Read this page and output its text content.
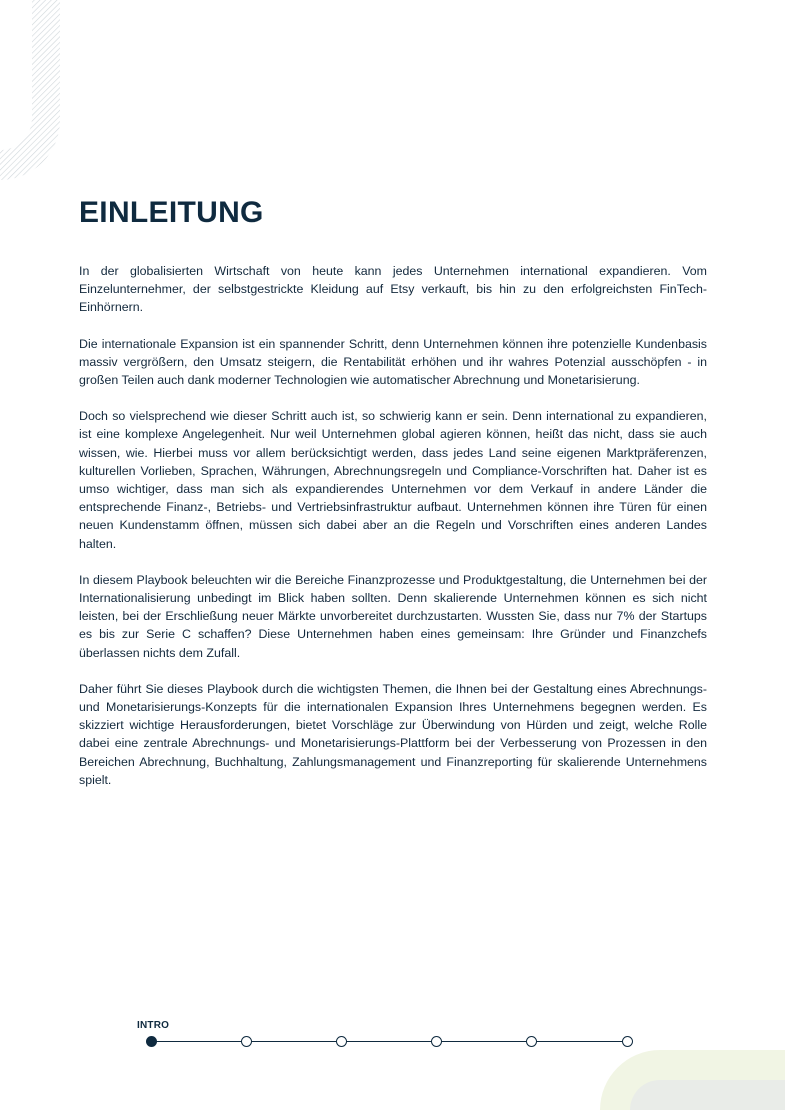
EINLEITUNG

In der globalisierten Wirtschaft von heute kann jedes Unternehmen international expandieren. Vom Einzelunternehmer, der selbstgestrickte Kleidung auf Etsy verkauft, bis hin zu den erfolgreichsten FinTech-Einhörnern.

Die internationale Expansion ist ein spannender Schritt, denn Unternehmen können ihre potenzielle Kundenbasis massiv vergrößern, den Umsatz steigern, die Rentabilität erhöhen und ihr wahres Potenzial ausschöpfen - in großen Teilen auch dank moderner Technologien wie automatischer Abrechnung und Monetarisierung.

Doch so vielsprechend wie dieser Schritt auch ist, so schwierig kann er sein. Denn international zu expandieren, ist eine komplexe Angelegenheit. Nur weil Unternehmen global agieren können, heißt das nicht, dass sie auch wissen, wie. Hierbei muss vor allem berücksichtigt werden, dass jedes Land seine eigenen Marktpräferenzen, kulturellen Vorlieben, Sprachen, Währungen, Abrechnungsregeln und Compliance-Vorschriften hat. Daher ist es umso wichtiger, dass man sich als expandierendes Unternehmen vor dem Verkauf in andere Länder die entsprechende Finanz-, Betriebs- und Vertriebsinfrastruktur aufbaut. Unternehmen können ihre Türen für einen neuen Kundenstamm öffnen, müssen sich dabei aber an die Regeln und Vorschriften eines anderen Landes halten.

In diesem Playbook beleuchten wir die Bereiche Finanzprozesse und Produktgestaltung, die Unternehmen bei der Internationalisierung unbedingt im Blick haben sollten. Denn skalierende Unternehmen können es sich nicht leisten, bei der Erschließung neuer Märkte unvorbereitet durchzustarten. Wussten Sie, dass nur 7% der Startups es bis zur Serie C schaffen? Diese Unternehmen haben eines gemeinsam: Ihre Gründer und Finanzchefs überlassen nichts dem Zufall.

Daher führt Sie dieses Playbook durch die wichtigsten Themen, die Ihnen bei der Gestaltung eines Abrechnungs- und Monetarisierungs-Konzepts für die internationalen Expansion Ihres Unternehmens begegnen werden. Es skizziert wichtige Herausforderungen, bietet Vorschläge zur Überwindung von Hürden und zeigt, welche Rolle dabei eine zentrale Abrechnungs- und Monetarisierungs-Plattform bei der Verbesserung von Prozessen in den Bereichen Abrechnung, Buchhaltung, Zahlungsmanagement und Finanzreporting für skalierende Unternehmens spielt.

INTRO
